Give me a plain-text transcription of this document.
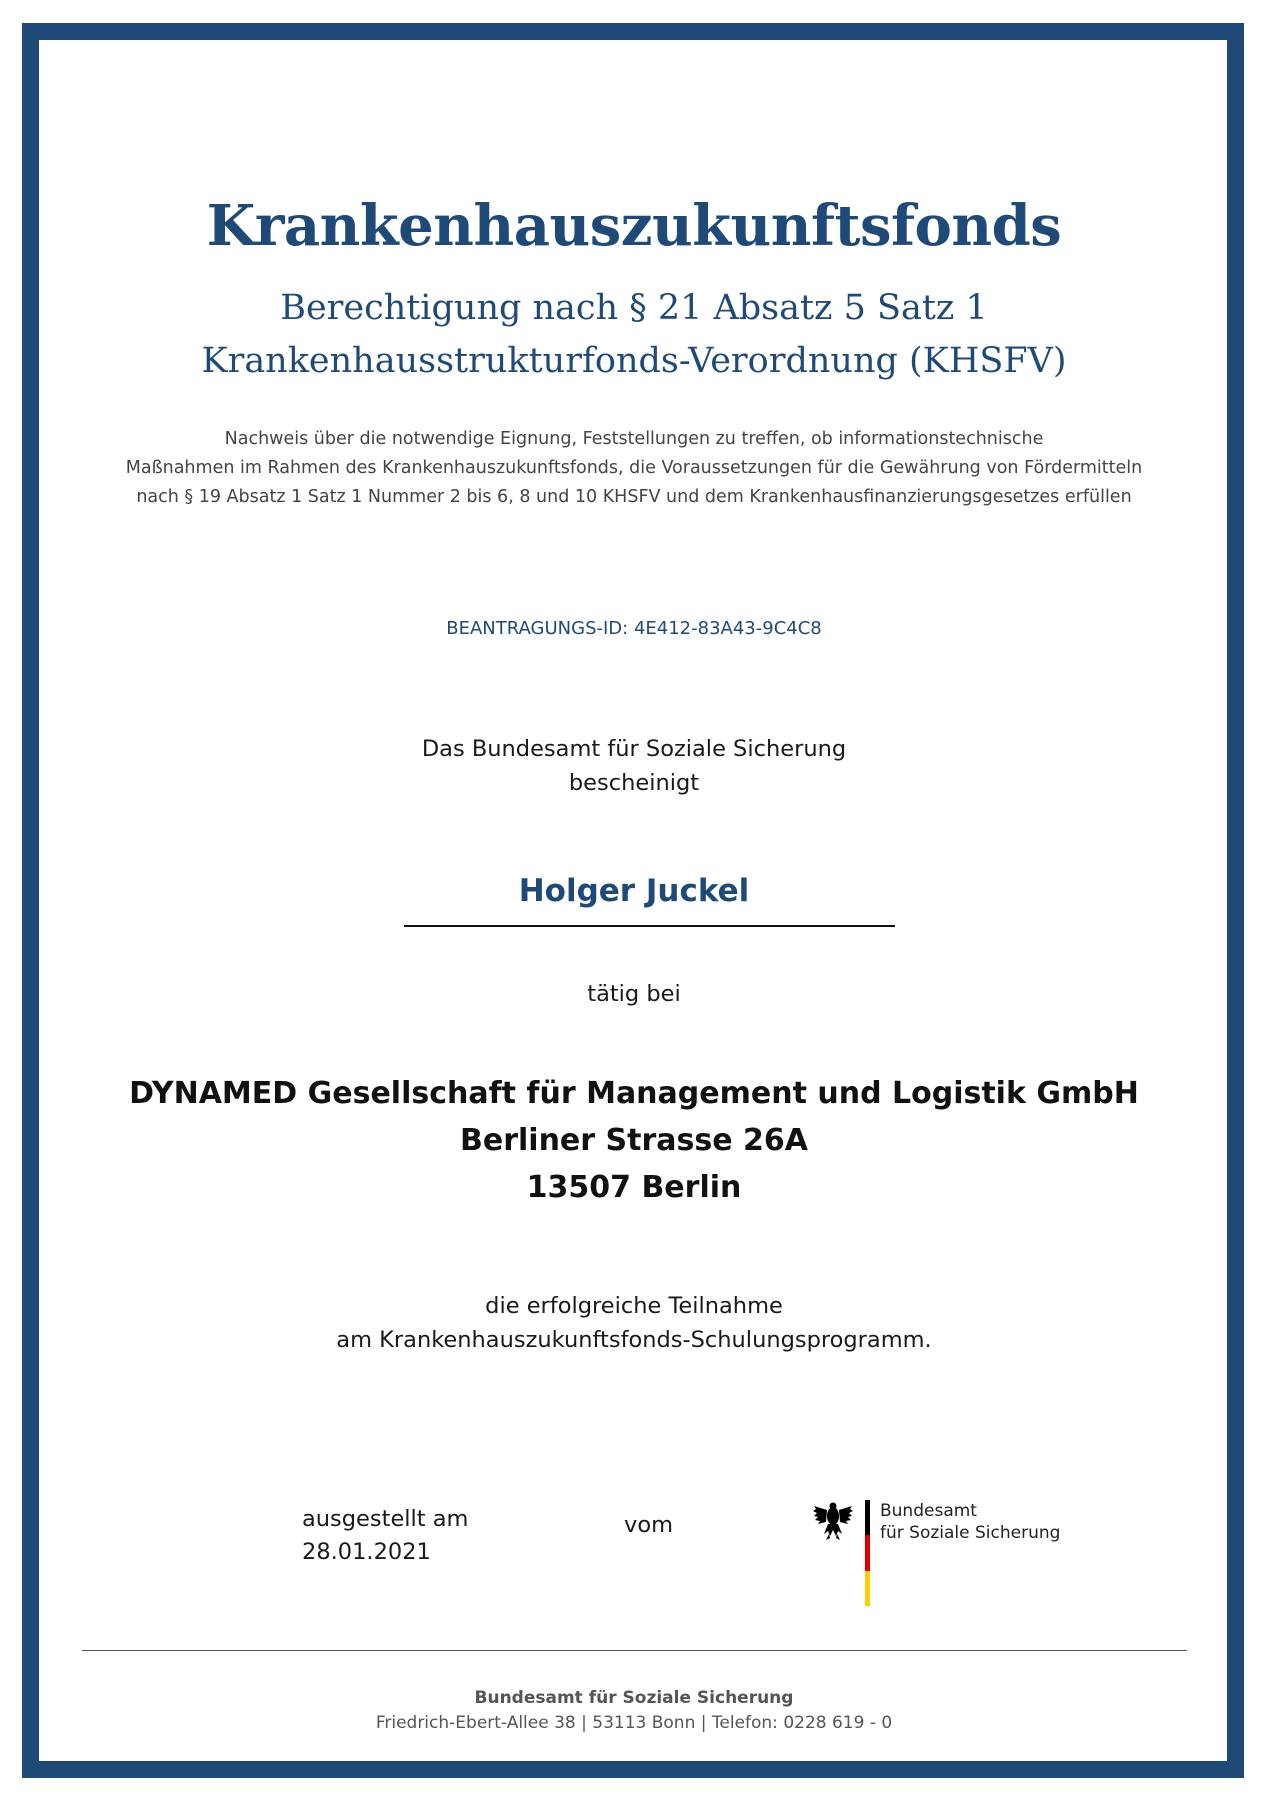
Krankenhauszukunftsfonds
Berechtigung nach § 21 Absatz 5 Satz 1
Krankenhausstrukturfonds-Verordnung (KHSFV)
Nachweis über die notwendige Eignung, Feststellungen zu treffen, ob informationstechnische
Maßnahmen im Rahmen des Krankenhauszukunftsfonds, die Voraussetzungen für die Gewährung von Fördermitteln
nach § 19 Absatz 1 Satz 1 Nummer 2 bis 6, 8 und 10 KHSFV und dem Krankenhausfinanzierungsgesetzes erfüllen
BEANTRAGUNGS-ID: 4E412-83A43-9C4C8
Das Bundesamt für Soziale Sicherung
bescheinigt
Holger Juckel
tätig bei
DYNAMED Gesellschaft für Management und Logistik GmbH
Berliner Strasse 26A
13507 Berlin
die erfolgreiche Teilnahme
am Krankenhauszukunftsfonds-Schulungsprogramm.
ausgestellt am
28.01.2021
vom
Bundesamt
für Soziale Sicherung
Bundesamt für Soziale Sicherung
Friedrich-Ebert-Allee 38 | 53113 Bonn | Telefon: 0228 619 - 0
